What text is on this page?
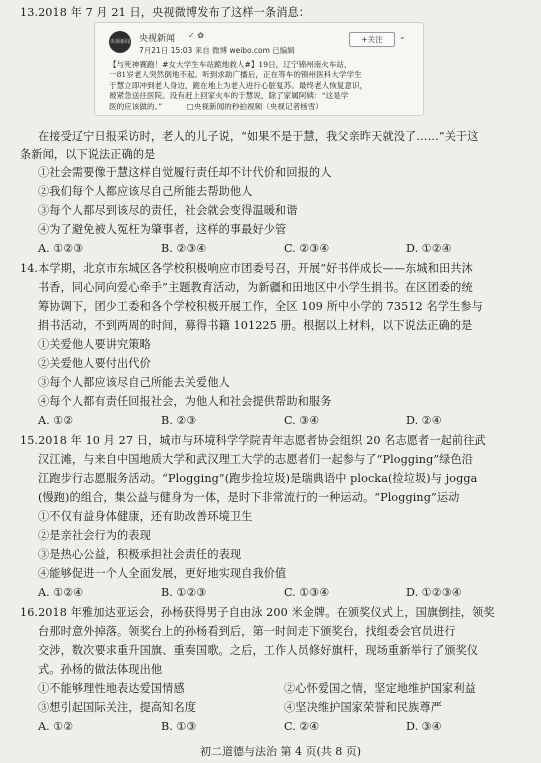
13.2018 年 7 月 21 日，央视微博发布了这样一条消息：
央视新闻 央视新闻 ✓ ✿
7月21日 15:03 来自 微博 weibo.com 已编辑
+关注	⌄
【与死神赛跑！#女大学生车站跪地救人#】19日，辽宁锦州南火车站，
一81岁老人突然倒地不起。听到求助广播后，正在等车的锦州医科大学学生
于慧立即冲到老人身边，跪在地上为老人进行心脏复苏。最终老人恢复意识，
被紧急送往医院。没有赶上回家火车的于慧说，除了家属阿姨：“这是学
医的应该做的。”	□央视新闻的秒拍视频（央视记者杨雪）
在接受辽宁日报采访时，老人的儿子说，“如果不是于慧，我父亲昨天就没了……”关于这
条新闻，以下说法正确的是
①社会需要像于慧这样自觉履行责任却不计代价和回报的人
②我们每个人都应该尽自己所能去帮助他人
③每个人都尽到该尽的责任，社会就会变得温暖和谐
④为了避免被人冤枉为肇事者，这样的事最好少管
A. ①②③	B. ②③④	C. ②③④	D. ①②④
14.本学期，北京市东城区各学校积极响应市团委号召，开展“好书伴成长——东城和田共沐
书香，同心同向爱心牵手”主题教育活动，为新疆和田地区中小学生捐书。在区团委的统
筹协调下，团少工委和各个学校积极开展工作，全区 109 所中小学的 73512 名学生参与
捐书活动，不到两周的时间，募得书籍 101225 册。根据以上材料，以下说法正确的是
①关爱他人要讲究策略
②关爱他人要付出代价
③每个人都应该尽自己所能去关爱他人
④每个人都有责任回报社会，为他人和社会提供帮助和服务
A. ①②	B. ②③	C. ③④	D. ②④
15.2018 年 10 月 27 日，城市与环境科学学院青年志愿者协会组织 20 名志愿者一起前往武
汉江滩，与来自中国地质大学和武汉理工大学的志愿者们一起参与了“Plogging”绿色沿
江跑步行志愿服务活动。“Plogging”(跑步捡垃圾)是瑞典语中 plocka(捡垃圾)与 jogga
(慢跑)的组合，集公益与健身为一体，是时下非常流行的一种运动。“Plogging”运动
①不仅有益身体健康，还有助改善环境卫生
②是亲社会行为的表现
③是热心公益，积极承担社会责任的表现
④能够促进一个人全面发展，更好地实现自我价值
A. ①②④	B. ①②③	C. ①③④	D. ①②③④
16.2018 年雅加达亚运会，孙杨获得男子自由泳 200 米金牌。在颁奖仪式上，国旗倒挂，领奖
台那时意外掉落。领奖台上的孙杨看到后，第一时间走下颁奖台，找组委会官员进行
交涉，数次要求重升国旗、重奏国歌。之后，工作人员修好旗杆，现场重新举行了颁奖仪
式。孙杨的做法体现出他
①不能够理性地表达爱国情感	②心怀爱国之情，坚定地维护国家利益
③想引起国际关注，提高知名度	④坚决维护国家荣誉和民族尊严
A. ①②	B. ①③	C. ②④	D. ③④
初二道德与法治 第 4 页(共 8 页)
